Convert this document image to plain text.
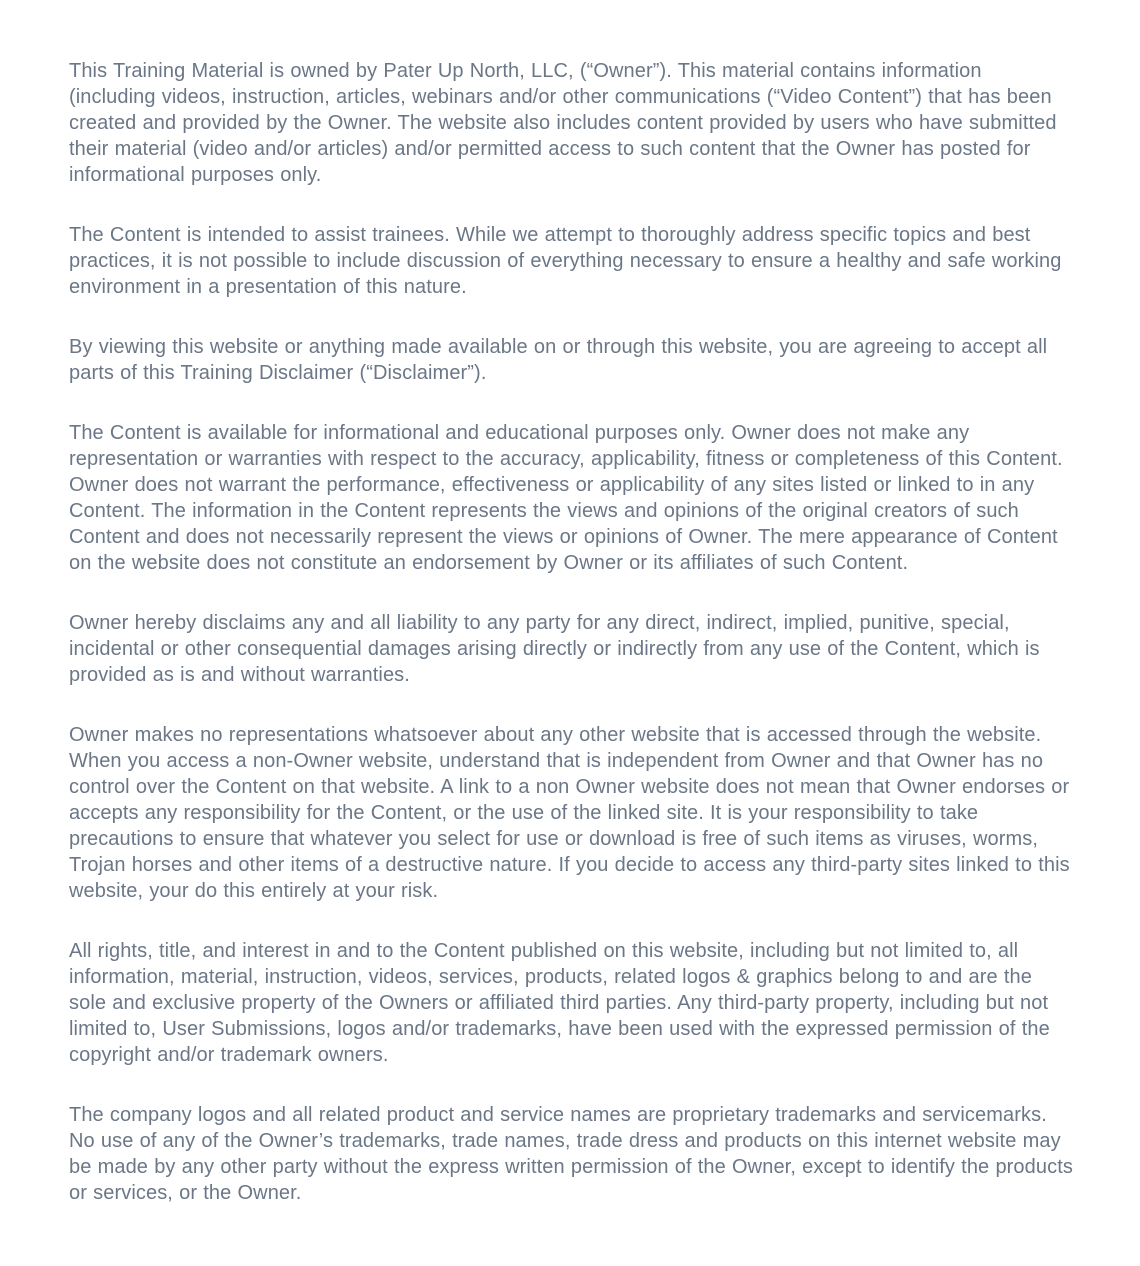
This Training Material is owned by Pater Up North, LLC, (“Owner”). This material contains information (including videos, instruction, articles, webinars and/or other communications (“Video Content”) that has been created and provided by the Owner. The website also includes content provided by users who have submitted their material (video and/or articles) and/or permitted access to such content that the Owner has posted for informational purposes only.

The Content is intended to assist trainees. While we attempt to thoroughly address specific topics and best practices, it is not possible to include discussion of everything necessary to ensure a healthy and safe working environment in a presentation of this nature.

By viewing this website or anything made available on or through this website, you are agreeing to accept all parts of this Training Disclaimer (“Disclaimer”).

The Content is available for informational and educational purposes only. Owner does not make any representation or warranties with respect to the accuracy, applicability, fitness or completeness of this Content. Owner does not warrant the performance, effectiveness or applicability of any sites listed or linked to in any Content. The information in the Content represents the views and opinions of the original creators of such Content and does not necessarily represent the views or opinions of Owner. The mere appearance of Content on the website does not constitute an endorsement by Owner or its affiliates of such Content.

Owner hereby disclaims any and all liability to any party for any direct, indirect, implied, punitive, special, incidental or other consequential damages arising directly or indirectly from any use of the Content, which is provided as is and without warranties.

Owner makes no representations whatsoever about any other website that is accessed through the website. When you access a non-Owner website, understand that is independent from Owner and that Owner has no control over the Content on that website. A link to a non Owner website does not mean that Owner endorses or accepts any responsibility for the Content, or the use of the linked site. It is your responsibility to take precautions to ensure that whatever you select for use or download is free of such items as viruses, worms, Trojan horses and other items of a destructive nature. If you decide to access any third-party sites linked to this website, your do this entirely at your risk.

All rights, title, and interest in and to the Content published on this website, including but not limited to, all information, material, instruction, videos, services, products, related logos & graphics belong to and are the sole and exclusive property of the Owners or affiliated third parties. Any third-party property, including but not limited to, User Submissions, logos and/or trademarks, have been used with the expressed permission of the copyright and/or trademark owners.

The company logos and all related product and service names are proprietary trademarks and servicemarks. No use of any of the Owner’s trademarks, trade names, trade dress and products on this internet website may be made by any other party without the express written permission of the Owner, except to identify the products or services, or the Owner.
